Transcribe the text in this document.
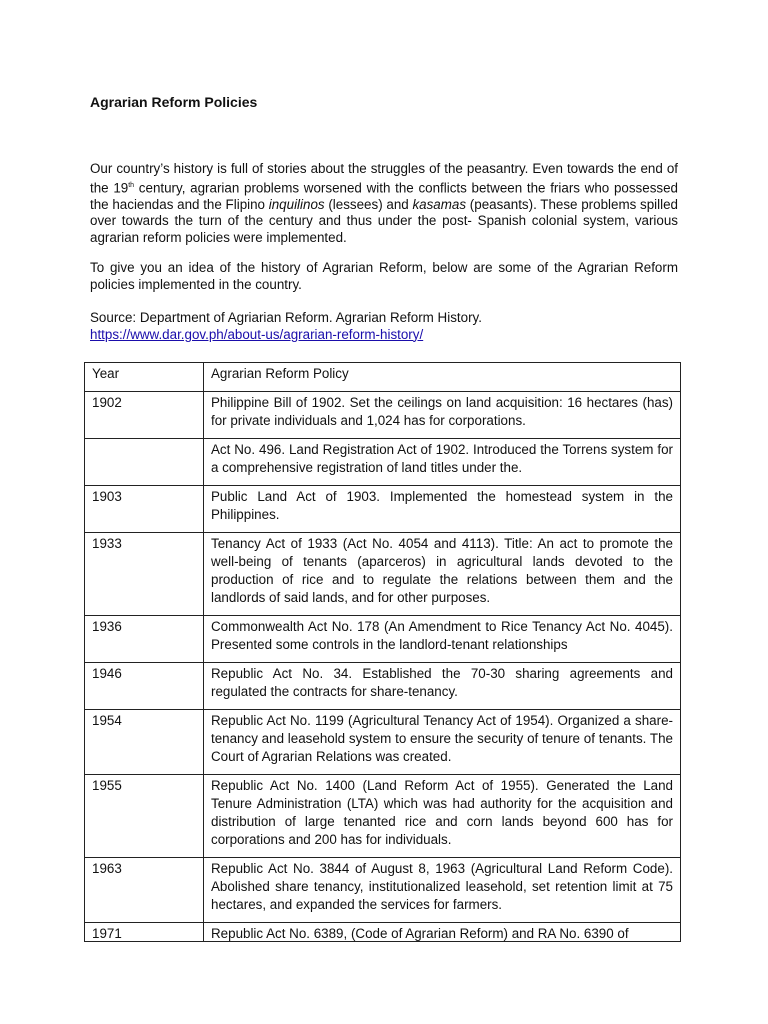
Agrarian Reform Policies

Our country’s history is full of stories about the struggles of the peasantry. Even towards the end of the 19th century, agrarian problems worsened with the conflicts between the friars who possessed the haciendas and the Flipino inquilinos (lessees) and kasamas (peasants). These problems spilled over towards the turn of the century and thus under the post- Spanish colonial system, various agrarian reform policies were implemented.

To give you an idea of the history of Agrarian Reform, below are some of the Agrarian Reform policies implemented in the country.

Source: Department of Agriarian Reform. Agrarian Reform History.
https://www.dar.gov.ph/about-us/agrarian-reform-history/

Year	Agrarian Reform Policy
1902	Philippine Bill of 1902. Set the ceilings on land acquisition: 16 hectares (has) for private individuals and 1,024 has for corporations.
	Act No. 496. Land Registration Act of 1902. Introduced the Torrens system for a comprehensive registration of land titles under the.
1903	Public Land Act of 1903. Implemented the homestead system in the Philippines.
1933	Tenancy Act of 1933 (Act No. 4054 and 4113). Title: An act to promote the well-being of tenants (aparceros) in agricultural lands devoted to the production of rice and to regulate the relations between them and the landlords of said lands, and for other purposes.
1936	Commonwealth Act No. 178 (An Amendment to Rice Tenancy Act No. 4045). Presented some controls in the landlord-tenant relationships
1946	Republic Act No. 34. Established the 70-30 sharing agreements and regulated the contracts for share-tenancy.
1954	Republic Act No. 1199 (Agricultural Tenancy Act of 1954). Organized a share-tenancy and leasehold system to ensure the security of tenure of tenants. The Court of Agrarian Relations was created.
1955	Republic Act No. 1400 (Land Reform Act of 1955). Generated the Land Tenure Administration (LTA) which was had authority for the acquisition and distribution of large tenanted rice and corn lands beyond 600 has for corporations and 200 has for individuals.
1963	Republic Act No. 3844 of August 8, 1963 (Agricultural Land Reform Code). Abolished share tenancy, institutionalized leasehold, set retention limit at 75 hectares, and expanded the services for farmers.

1971	Republic Act No. 6389, (Code of Agrarian Reform) and RA No. 6390 of
